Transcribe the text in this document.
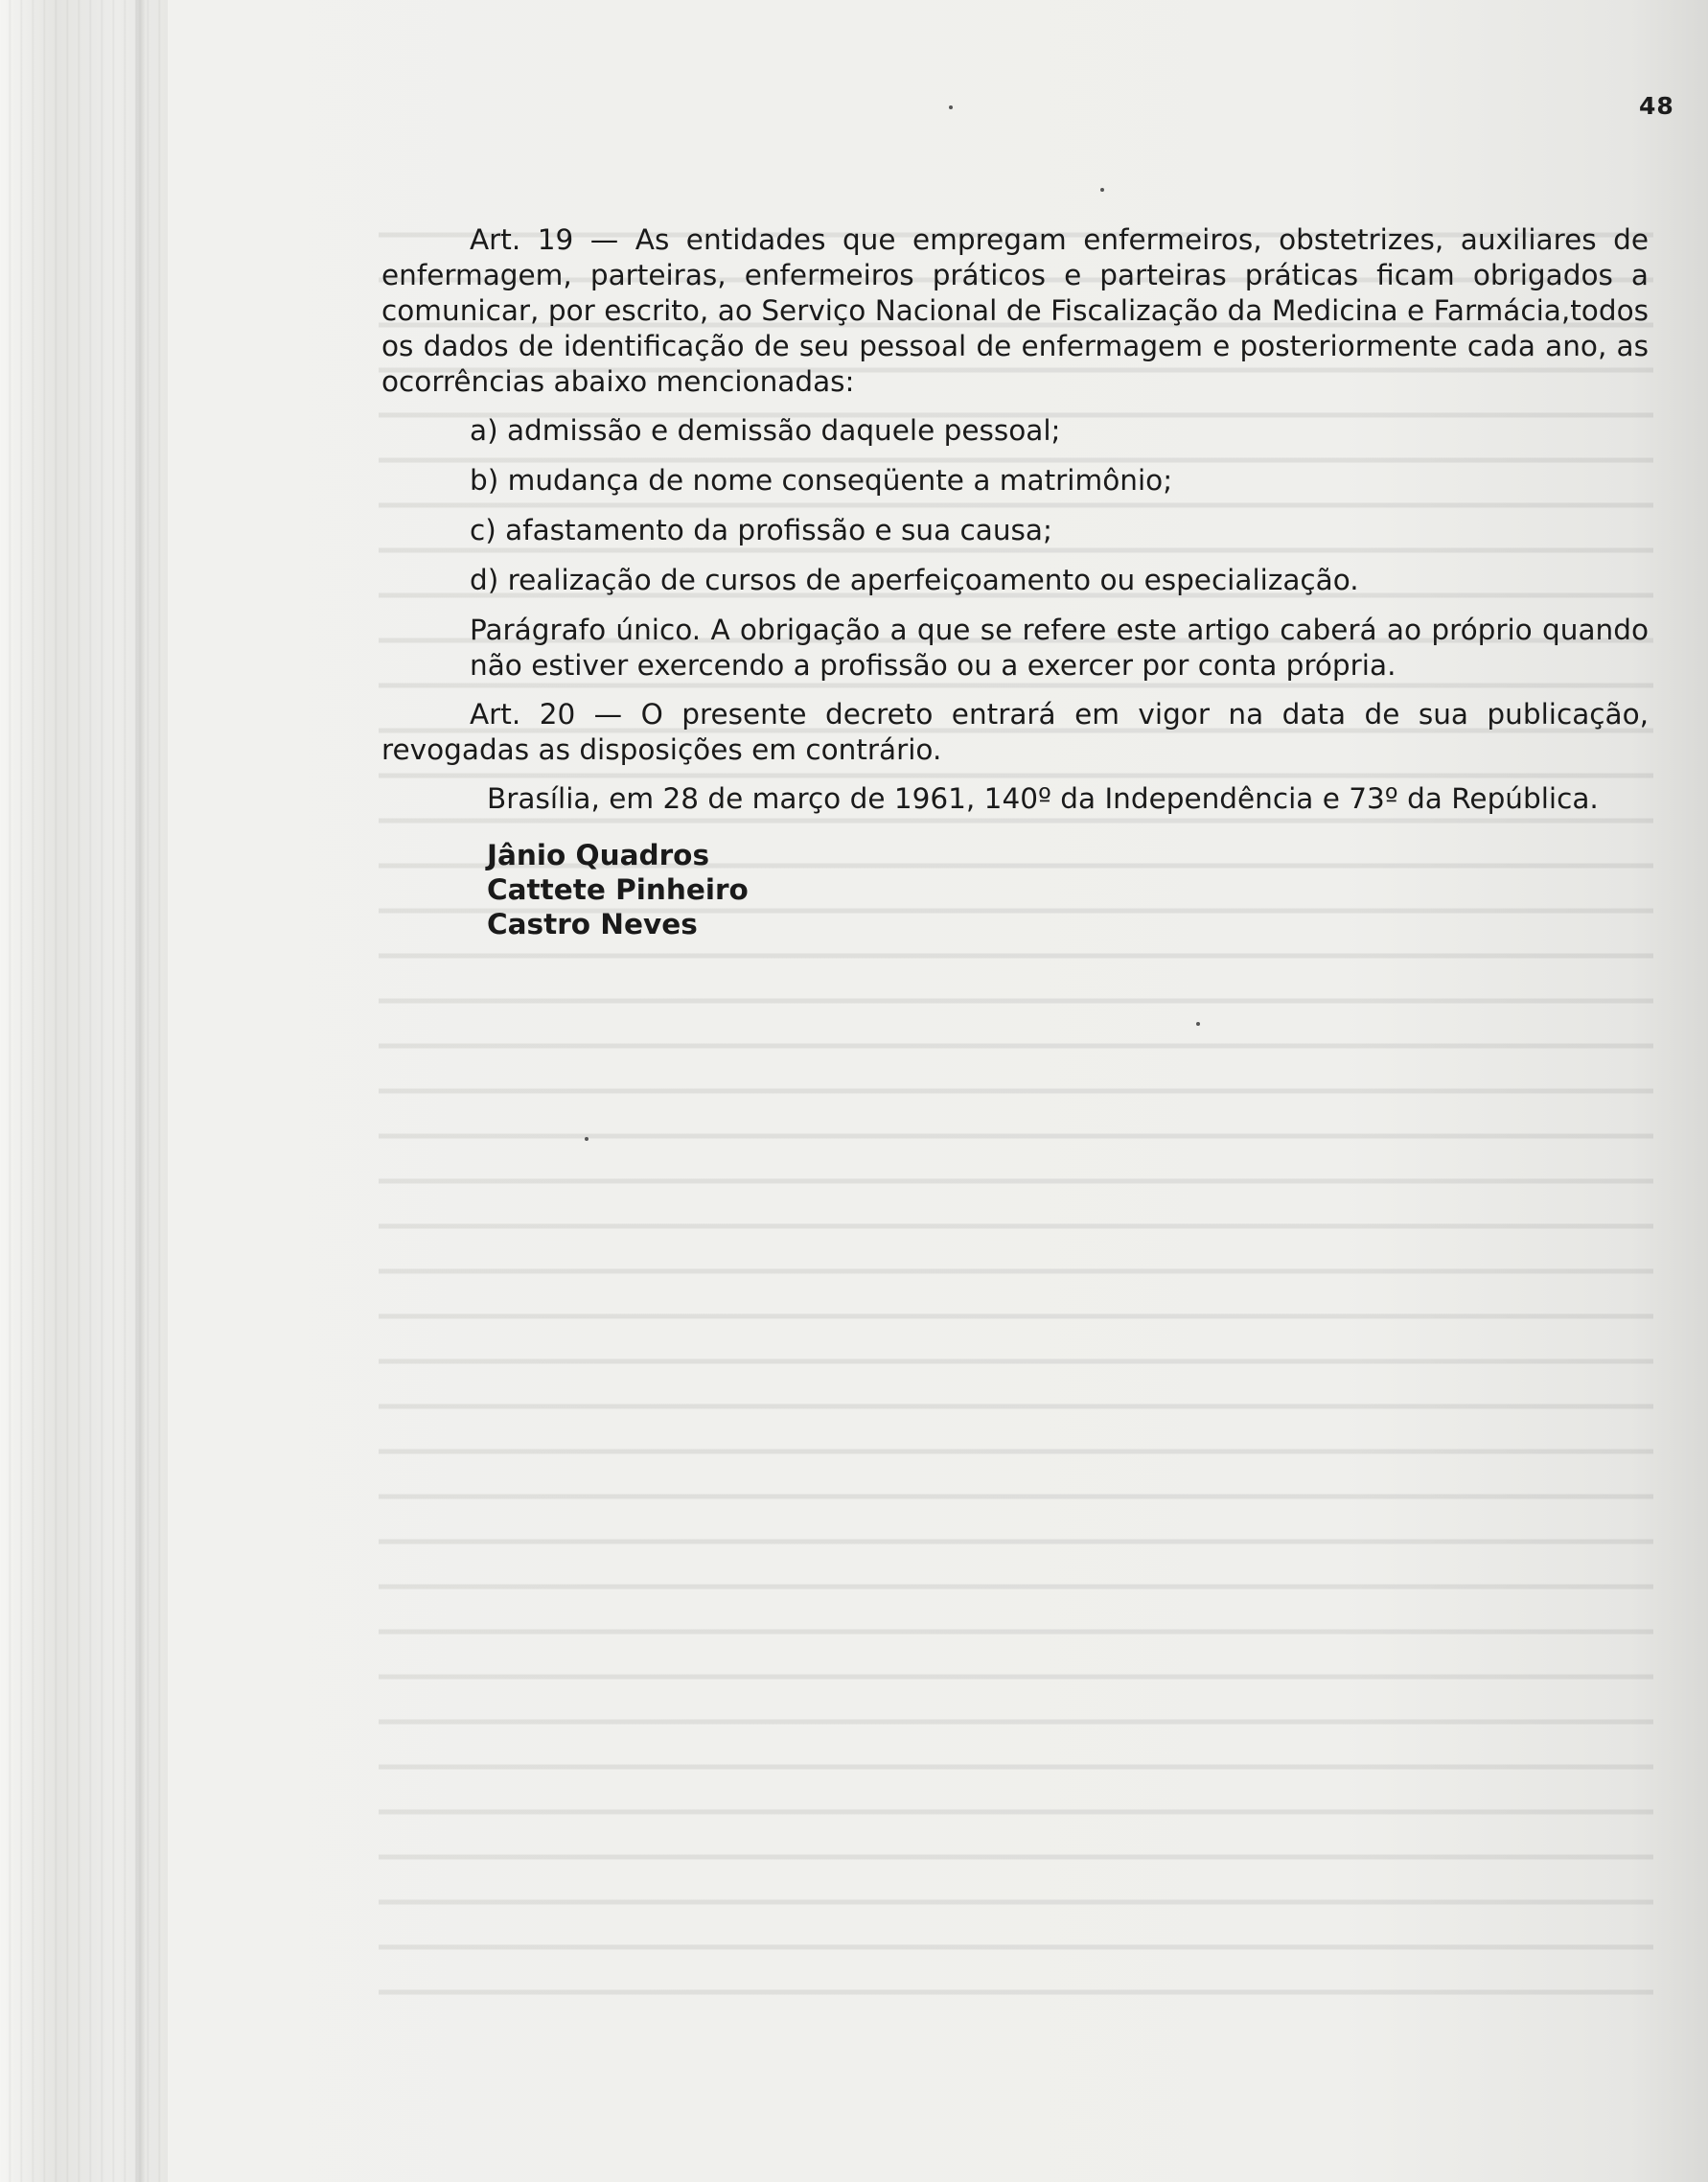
48

Art. 19 — As entidades que empregam enfermeiros, obstetrizes, auxiliares de enfermagem, parteiras, enfermeiros práticos e parteiras práticas ficam obrigados a comunicar, por escrito, ao Serviço Nacional de Fiscalização da Medicina e Farmácia,todos os dados de identificação de seu pessoal de enfermagem e posteriormente cada ano, as ocorrências abaixo mencionadas:

a) admissão e demissão daquele pessoal;
b) mudança de nome conseqüente a matrimônio;
c) afastamento da profissão e sua causa;
d) realização de cursos de aperfeiçoamento ou especialização.

Parágrafo único. A obrigação a que se refere este artigo caberá ao próprio quando não estiver exercendo a profissão ou a exercer por conta própria.

Art. 20 — O presente decreto entrará em vigor na data de sua publicação, revogadas as disposições em contrário.

Brasília, em 28 de março de 1961, 140º da Independência e 73º da República.
Jânio Quadros
Cattete Pinheiro
Castro Neves
